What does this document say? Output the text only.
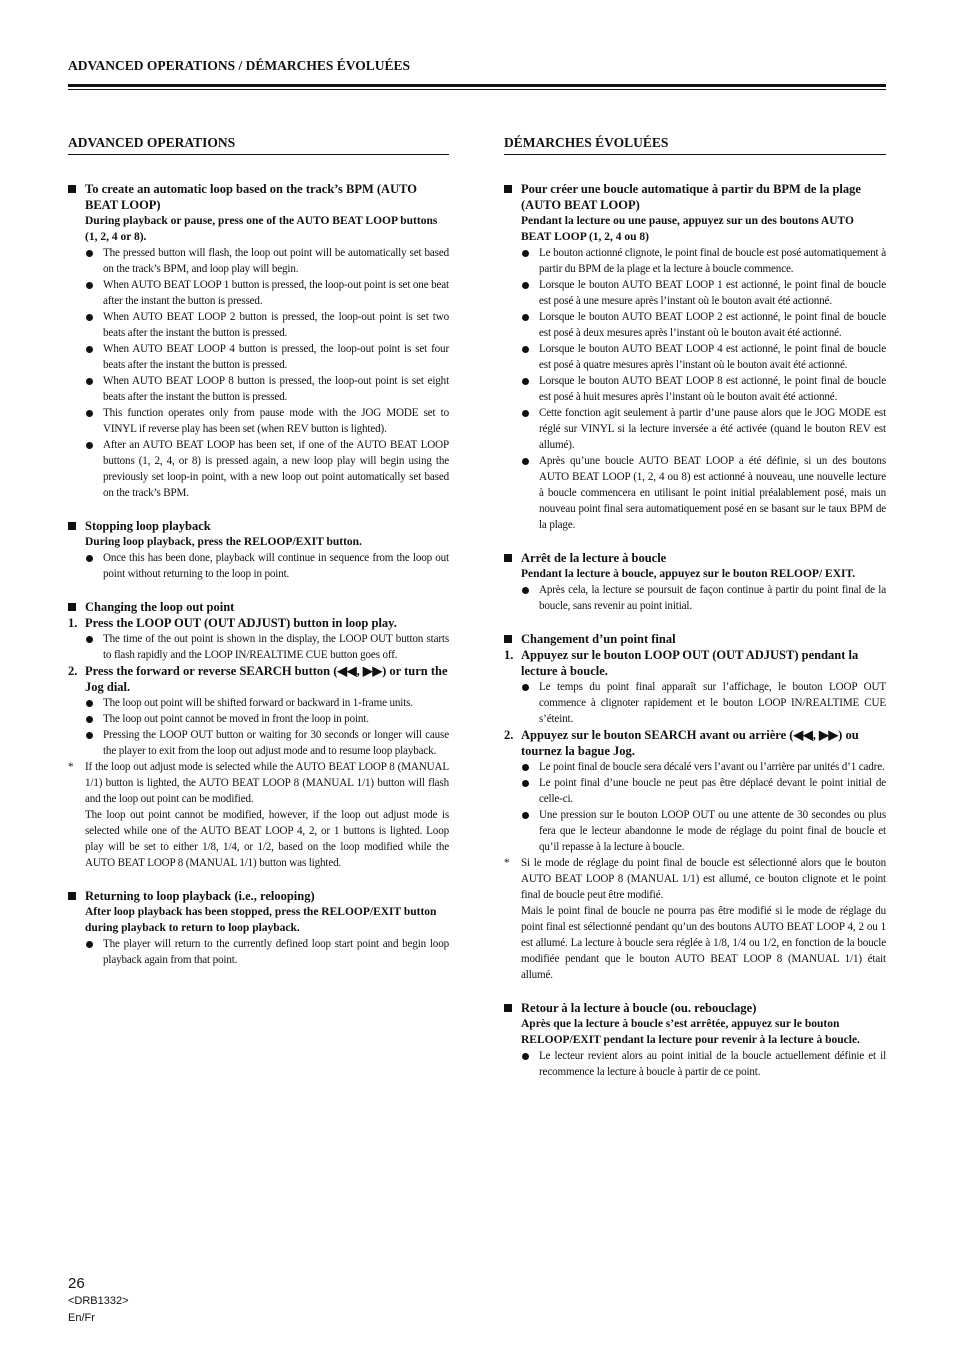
ADVANCED OPERATIONS / DÉMARCHES ÉVOLUÉES
ADVANCED OPERATIONS
To create an automatic loop based on the track’s BPM (AUTO BEAT LOOP)
During playback or pause, press one of the AUTO BEAT LOOP buttons (1, 2, 4 or 8).
The pressed button will flash, the loop out point will be automatically set based on the track’s BPM, and loop play will begin.
When AUTO BEAT LOOP 1 button is pressed, the loop-out point is set one beat after the instant the button is pressed.
When AUTO BEAT LOOP 2 button is pressed, the loop-out point is set two beats after the instant the button is pressed.
When AUTO BEAT LOOP 4 button is pressed, the loop-out point is set four beats after the instant the button is pressed.
When AUTO BEAT LOOP 8 button is pressed, the loop-out point is set eight beats after the instant the button is pressed.
This function operates only from pause mode with the JOG MODE set to VINYL if reverse play has been set (when REV button is lighted).
After an AUTO BEAT LOOP has been set, if one of the AUTO BEAT LOOP buttons (1, 2, 4, or 8) is pressed again, a new loop play will begin using the previously set loop-in point, with a new loop out point automatically set based on the track’s BPM.
Stopping loop playback
During loop playback, press the RELOOP/EXIT button.
Once this has been done, playback will continue in sequence from the loop out point without returning to the loop in point.
Changing the loop out point
1. Press the LOOP OUT (OUT ADJUST) button in loop play.
The time of the out point is shown in the display, the LOOP OUT button starts to flash rapidly and the LOOP IN/REALTIME CUE button goes off.
2. Press the forward or reverse SEARCH button (◀◀, ▶▶) or turn the Jog dial.
The loop out point will be shifted forward or backward in 1-frame units.
The loop out point cannot be moved in front the loop in point.
Pressing the LOOP OUT button or waiting for 30 seconds or longer will cause the player to exit from the loop out adjust mode and to resume loop playback.
* If the loop out adjust mode is selected while the AUTO BEAT LOOP 8 (MANUAL 1/1) button is lighted, the AUTO BEAT LOOP 8 (MANUAL 1/1) button will flash and the loop out point can be modified.

The loop out point cannot be modified, however, if the loop out adjust mode is selected while one of the AUTO BEAT LOOP 4, 2, or 1 buttons is lighted. Loop play will be set to either 1/8, 1/4, or 1/2, based on the loop modified while the AUTO BEAT LOOP 8 (MANUAL 1/1) button was lighted.

Returning to loop playback (i.e., relooping)
After loop playback has been stopped, press the RELOOP/EXIT button during playback to return to loop playback.
The player will return to the currently defined loop start point and begin loop playback again from that point.
DÉMARCHES ÉVOLUÉES
Pour créer une boucle automatique à partir du BPM de la plage (AUTO BEAT LOOP)
Pendant la lecture ou une pause, appuyez sur un des boutons AUTO BEAT LOOP (1, 2, 4 ou 8)
Le bouton actionné clignote, le point final de boucle est posé automatiquement à partir du BPM de la plage et la lecture à boucle commence.
Lorsque le bouton AUTO BEAT LOOP 1 est actionné, le point final de boucle est posé à une mesure après l’instant où le bouton avait été actionné.
Lorsque le bouton AUTO BEAT LOOP 2 est actionné, le point final de boucle est posé à deux mesures après l’instant où le bouton avait été actionné.
Lorsque le bouton AUTO BEAT LOOP 4 est actionné, le point final de boucle est posé à quatre mesures après l’instant où le bouton avait été actionné.
Lorsque le bouton AUTO BEAT LOOP 8 est actionné, le point final de boucle est posé à huit mesures après l’instant où le bouton avait été actionné.
Cette fonction agit seulement à partir d’une pause alors que le JOG MODE est réglé sur VINYL si la lecture inversée a été activée (quand le bouton REV est allumé).
Après qu’une boucle AUTO BEAT LOOP a été définie, si un des boutons AUTO BEAT LOOP (1, 2, 4 ou 8) est actionné à nouveau, une nouvelle lecture à boucle commencera en utilisant le point initial préalablement posé, mais un nouveau point final sera automatiquement posé en se basant sur le taux BPM de la plage.
Arrêt de la lecture à boucle
Pendant la lecture à boucle, appuyez sur le bouton RELOOP/ EXIT.
Après cela, la lecture se poursuit de façon continue à partir du point final de la boucle, sans revenir au point initial.
Changement d’un point final
1. Appuyez sur le bouton LOOP OUT (OUT ADJUST) pendant la lecture à boucle.
Le temps du point final apparaît sur l’affichage, le bouton LOOP OUT commence à clignoter rapidement et le bouton LOOP IN/REALTIME CUE s’éteint.
2. Appuyez sur le bouton SEARCH avant ou arrière (◀◀, ▶▶) ou tournez la bague Jog.
Le point final de boucle sera décalé vers l’avant ou l’arrière par unités d’1 cadre.
Le point final d’une boucle ne peut pas être déplacé devant le point initial de celle-ci.
Une pression sur le bouton LOOP OUT ou une attente de 30 secondes ou plus fera que le lecteur abandonne le mode de réglage du point final de boucle et qu’il repasse à la lecture à boucle.
* Si le mode de réglage du point final de boucle est sélectionné alors que le bouton AUTO BEAT LOOP 8 (MANUAL 1/1) est allumé, ce bouton clignote et le point final de boucle peut être modifié.

Mais le point final de boucle ne pourra pas être modifié si le mode de réglage du point final est sélectionné pendant qu’un des boutons AUTO BEAT LOOP 4, 2 ou 1 est allumé. La lecture à boucle sera réglée à 1/8, 1/4 ou 1/2, en fonction de la boucle modifiée pendant que le bouton AUTO BEAT LOOP 8 (MANUAL 1/1) était allumé.

Retour à la lecture à boucle (ou. rebouclage)
Après que la lecture à boucle s’est arrêtée, appuyez sur le bouton RELOOP/EXIT pendant la lecture pour revenir à la lecture à boucle.
Le lecteur revient alors au point initial de la boucle actuellement définie et il recommence la lecture à boucle à partir de ce point.
26
<DRB1332>
En/Fr
